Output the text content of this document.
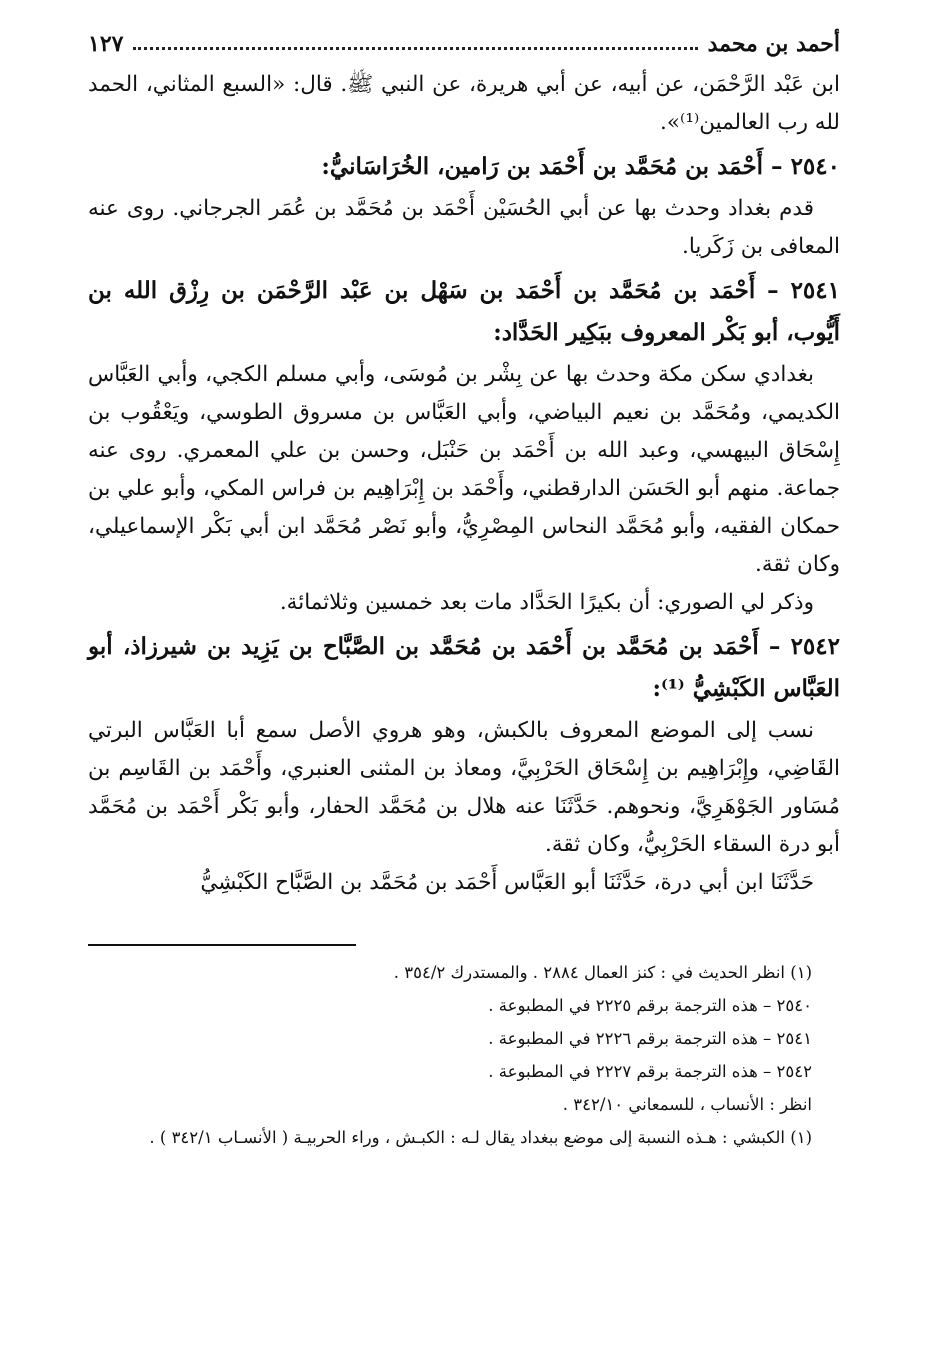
أحمد بن محمد
١٢٧

ابن عَبْد الرَّحْمَن، عن أبيه، عن أبي هريرة، عن النبي ﷺ. قال: «السبع المثاني، الحمد لله رب العالمين⁽¹⁾».

٢٥٤٠ – أَحْمَد بن مُحَمَّد بن أَحْمَد بن رَامين، الخُرَاسَانيُّ:

قدم بغداد وحدث بها عن أبي الحُسَيْن أَحْمَد بن مُحَمَّد بن عُمَر الجرجاني. روى عنه المعافى بن زَكَريا.

٢٥٤١ – أَحْمَد بن مُحَمَّد بن أَحْمَد بن سَهْل بن عَبْد الرَّحْمَن بن رِزْق الله بن أَيُّوب، أبو بَكْر المعروف ببَكِير الحَدَّاد:

بغدادي سكن مكة وحدث بها عن بِشْر بن مُوسَى، وأبي مسلم الكجي، وأبي العَبَّاس الكديمي، ومُحَمَّد بن نعيم البياضي، وأبي العَبَّاس بن مسروق الطوسي، ويَعْقُوب بن إِسْحَاق البيهسي، وعبد الله بن أَحْمَد بن حَنْبَل، وحسن بن علي المعمري. روى عنه جماعة. منهم أبو الحَسَن الدارقطني، وأَحْمَد بن إِبْرَاهِيم بن فراس المكي، وأبو علي بن حمكان الفقيه، وأبو مُحَمَّد النحاس المِصْرِيُّ، وأبو نَصْر مُحَمَّد ابن أبي بَكْر الإسماعيلي، وكان ثقة.

وذكر لي الصوري: أن بكيرًا الحَدَّاد مات بعد خمسين وثلاثمائة.

٢٥٤٢ – أَحْمَد بن مُحَمَّد بن أَحْمَد بن مُحَمَّد بن الصَّبَّاح بن يَزِيد بن شيرزاذ، أبو العَبَّاس الكَبْشِيُّ ⁽¹⁾:

نسب إلى الموضع المعروف بالكبش، وهو هروي الأصل سمع أبا العَبَّاس البرتي القَاضِي، وإِبْرَاهِيم بن إِسْحَاق الحَرْبِيَّ، ومعاذ بن المثنى العنبري، وأَحْمَد بن القَاسِم بن مُسَاور الجَوْهَرِيَّ، ونحوهم. حَدَّثَنَا عنه هلال بن مُحَمَّد الحفار، وأبو بَكْر أَحْمَد بن مُحَمَّد أبو درة السقاء الحَرْبِيُّ، وكان ثقة.

حَدَّثَنَا ابن أبي درة، حَدَّثَنَا أبو العَبَّاس أَحْمَد بن مُحَمَّد بن الصَّبَّاح الكَبْشِيُّ

(١) انظر الحديث في : كنز العمال ٢٨٨٤ . والمستدرك ٣٥٤/٢ .

٢٥٤٠ – هذه الترجمة برقم ٢٢٢٥ في المطبوعة .

٢٥٤١ – هذه الترجمة برقم ٢٢٢٦ في المطبوعة .

٢٥٤٢ – هذه الترجمة برقم ٢٢٢٧ في المطبوعة .

انظر : الأنساب ، للسمعاني ٣٤٢/١٠ .

(١) الكبشي : هـذه النسبة إلى موضع ببغداد يقال لـه : الكبـش ، وراء الحربيـة ( الأنسـاب ٣٤٢/١ ) .
